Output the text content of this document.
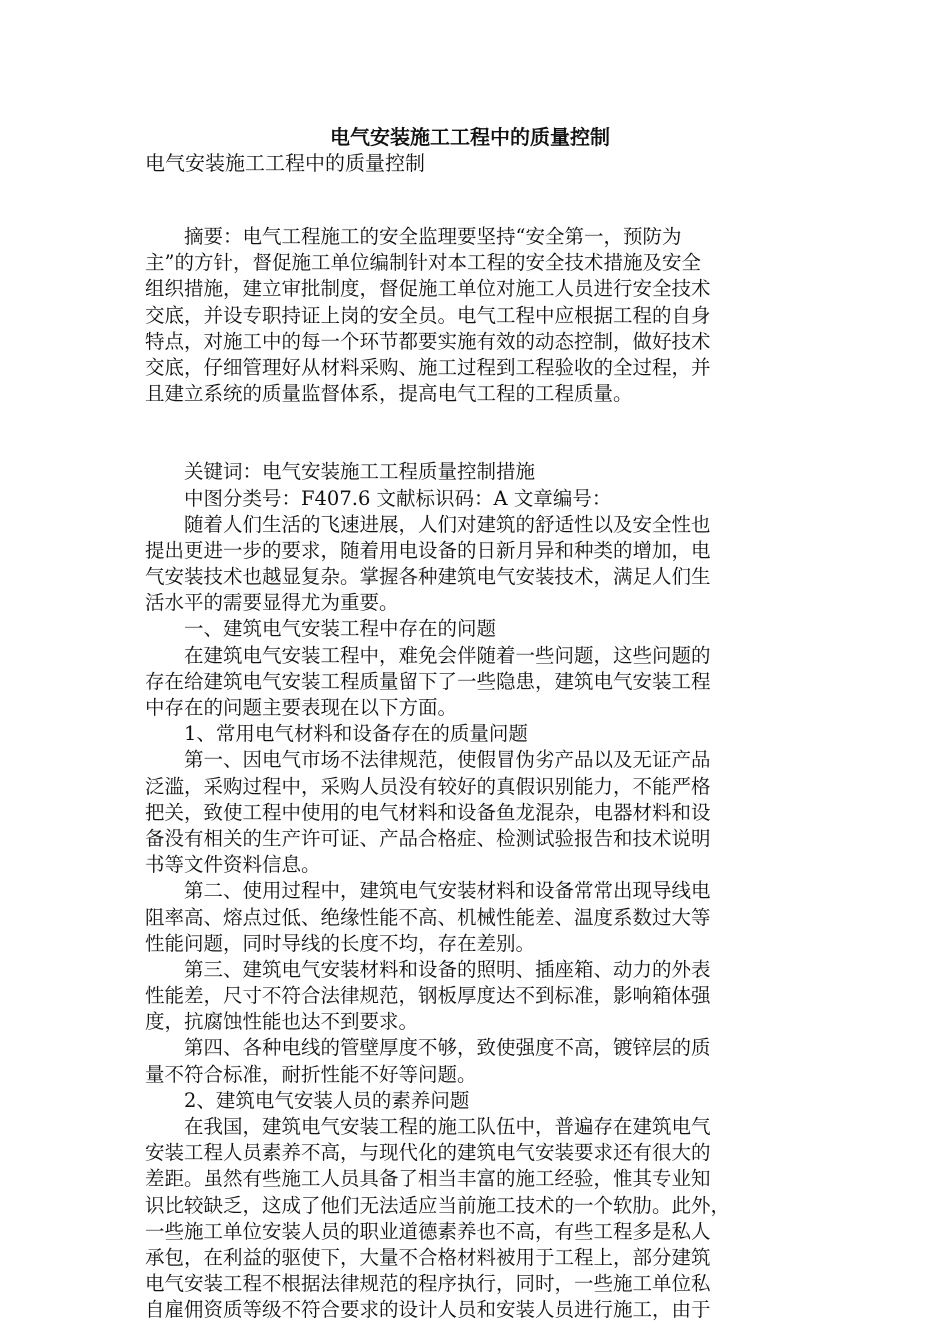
电气安装施工工程中的质量控制
电气安装施工工程中的质量控制
　　摘要：电气工程施工的安全监理要坚持“安全第一，预防为
主”的方针，督促施工单位编制针对本工程的安全技术措施及安全
组织措施，建立审批制度，督促施工单位对施工人员进行安全技术
交底，并设专职持证上岗的安全员。电气工程中应根据工程的自身
特点，对施工中的每一个环节都要实施有效的动态控制，做好技术
交底，仔细管理好从材料采购、施工过程到工程验收的全过程，并
且建立系统的质量监督体系，提高电气工程的工程质量。
　　关键词：电气安装施工工程质量控制措施
　　中图分类号：F407.6 文献标识码：A 文章编号：
　　随着人们生活的飞速进展，人们对建筑的舒适性以及安全性也
提出更进一步的要求，随着用电设备的日新月异和种类的增加，电
气安装技术也越显复杂。掌握各种建筑电气安装技术，满足人们生
活水平的需要显得尤为重要。
　　一、建筑电气安装工程中存在的问题
　　在建筑电气安装工程中，难免会伴随着一些问题，这些问题的
存在给建筑电气安装工程质量留下了一些隐患，建筑电气安装工程
中存在的问题主要表现在以下方面。
　　1、常用电气材料和设备存在的质量问题
　　第一、因电气市场不法律规范，使假冒伪劣产品以及无证产品
泛滥，采购过程中，采购人员没有较好的真假识别能力，不能严格
把关，致使工程中使用的电气材料和设备鱼龙混杂，电器材料和设
备没有相关的生产许可证、产品合格症、检测试验报告和技术说明
书等文件资料信息。
　　第二、使用过程中，建筑电气安装材料和设备常常出现导线电
阻率高、熔点过低、绝缘性能不高、机械性能差、温度系数过大等
性能问题，同时导线的长度不均，存在差别。
　　第三、建筑电气安装材料和设备的照明、插座箱、动力的外表
性能差，尺寸不符合法律规范，钢板厚度达不到标准，影响箱体强
度，抗腐蚀性能也达不到要求。
　　第四、各种电线的管壁厚度不够，致使强度不高，镀锌层的质
量不符合标准，耐折性能不好等问题。
　　2、建筑电气安装人员的素养问题
　　在我国，建筑电气安装工程的施工队伍中，普遍存在建筑电气
安装工程人员素养不高，与现代化的建筑电气安装要求还有很大的
差距。虽然有些施工人员具备了相当丰富的施工经验，惟其专业知
识比较缺乏，这成了他们无法适应当前施工技术的一个软肋。此外，
一些施工单位安装人员的职业道德素养也不高，有些工程多是私人
承包，在利益的驱使下，大量不合格材料被用于工程上，部分建筑
电气安装工程不根据法律规范的程序执行，同时，一些施工单位私
自雇佣资质等级不符合要求的设计人员和安装人员进行施工，由于
